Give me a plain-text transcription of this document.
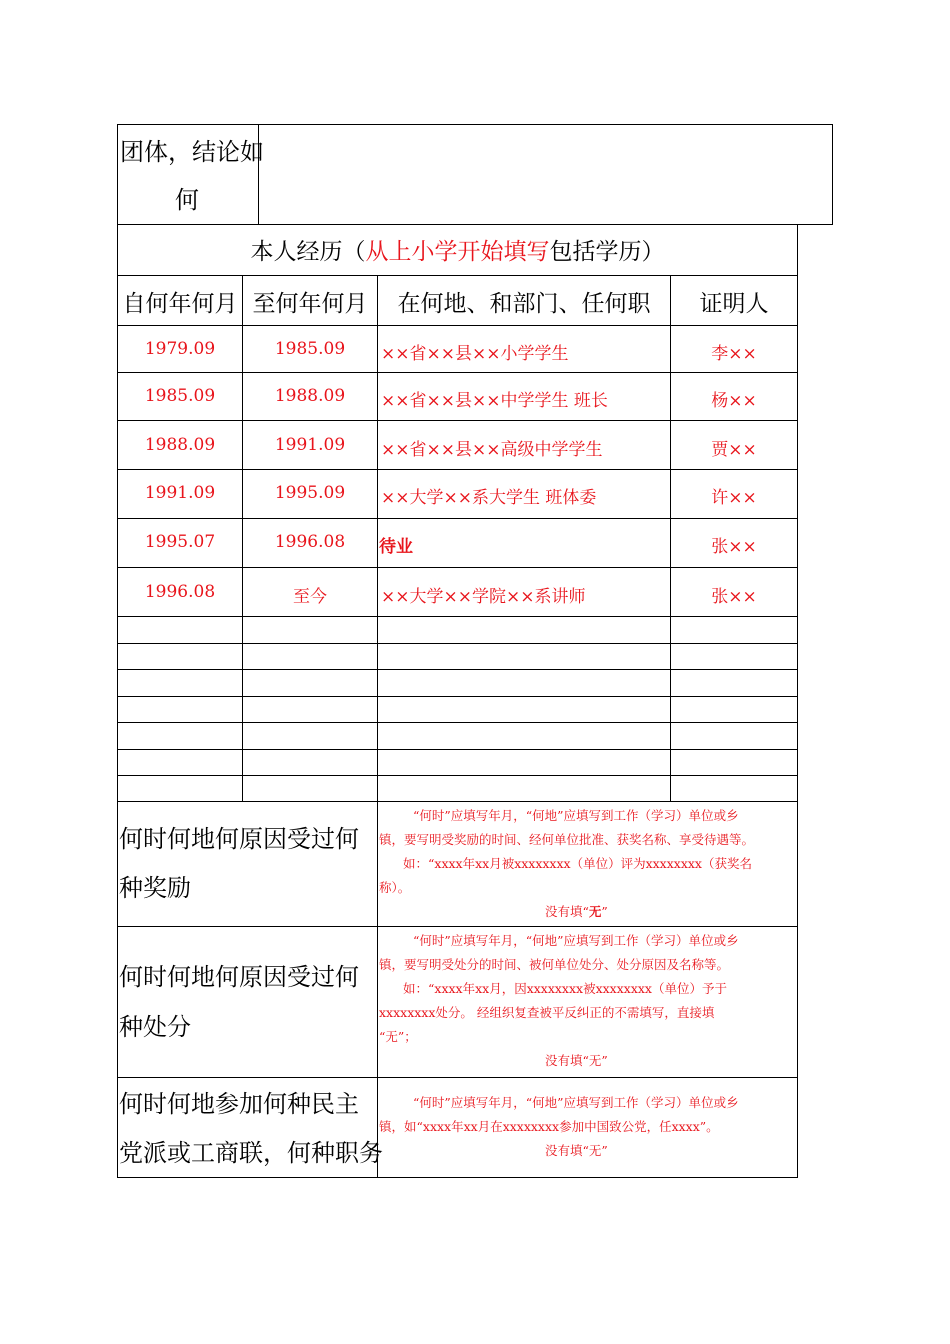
团体，结论如
何
本人经历（从上小学开始填写包括学历）
自何年何月 至何年何月	在何地、和部门、任何职	证明人
1979.09	1985.09	××省××县××小学学生	李××
1985.09	1988.09	××省××县××中学学生 班长	杨××
1988.09	1991.09	××省××县××高级中学学生	贾××
1991.09	1995.09	××大学××系大学生 班体委	许××
1995.07	1996.08	待业	张××
1996.08	至今	××大学××学院××系讲师	张××
何时何地何原因受过何
种奖励
“何时”应填写年月，“何地”应填写到工作（学习）单位或乡
镇，要写明受奖励的时间、经何单位批准、获奖名称、享受待遇等。
如：“xxxx年xx月被xxxxxxxx（单位）评为xxxxxxxx（获奖名
称）。
没有填“无”
何时何地何原因受过何
种处分
“何时”应填写年月，“何地”应填写到工作（学习）单位或乡
镇，要写明受处分的时间、被何单位处分、处分原因及名称等。
如：“xxxx年xx月，因xxxxxxxx被xxxxxxxx（单位）予于
xxxxxxxx处分。 经组织复查被平反纠正的不需填写，直接填
“无”；
没有填“无”
何时何地参加何种民主
党派或工商联，何种职务
“何时”应填写年月，“何地”应填写到工作（学习）单位或乡
镇，如“xxxx年xx月在xxxxxxxx参加中国致公党，任xxxx”。
没有填“无”
